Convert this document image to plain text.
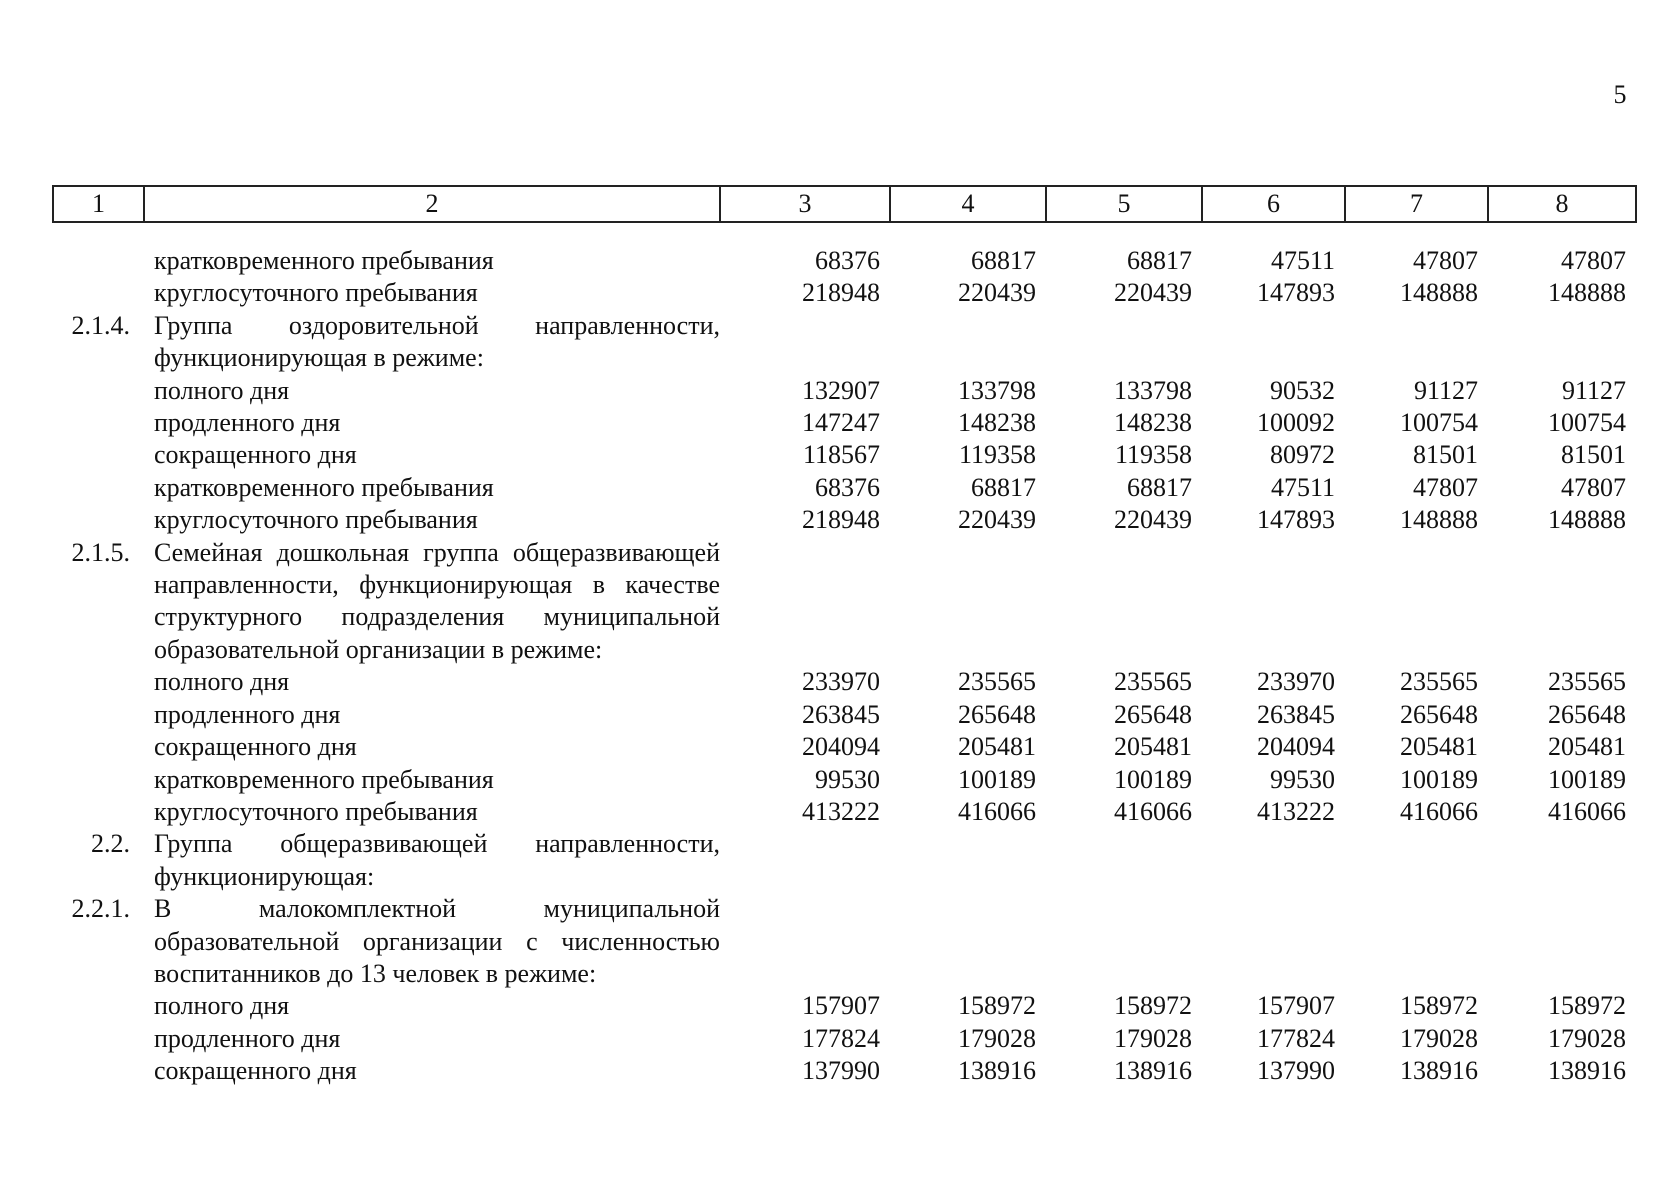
5
1	2	3	4	5	6	7	8

	кратковременного пребывания	68376	68817	68817	47511	47807	47807
	круглосуточного пребывания	218948	220439	220439	147893	148888	148888
2.1.4.	Группа оздоровительной направленности, функционирующая в режиме:						
	полного дня	132907	133798	133798	90532	91127	91127
	продленного дня	147247	148238	148238	100092	100754	100754
	сокращенного дня	118567	119358	119358	80972	81501	81501
	кратковременного пребывания	68376	68817	68817	47511	47807	47807
	круглосуточного пребывания	218948	220439	220439	147893	148888	148888
2.1.5.	Семейная дошкольная группа общеразвивающей направленности, функционирующая в качестве структурного подразделения муниципальной образовательной организации в режиме:						
	полного дня	233970	235565	235565	233970	235565	235565
	продленного дня	263845	265648	265648	263845	265648	265648
	сокращенного дня	204094	205481	205481	204094	205481	205481
	кратковременного пребывания	99530	100189	100189	99530	100189	100189
	круглосуточного пребывания	413222	416066	416066	413222	416066	416066
2.2.	Группа общеразвивающей направленности, функционирующая:						
2.2.1.	В малокомплектной муниципальной образовательной организации с численностью воспитанников до 13 человек в режиме:						
	полного дня	157907	158972	158972	157907	158972	158972
	продленного дня	177824	179028	179028	177824	179028	179028
	сокращенного дня	137990	138916	138916	137990	138916	138916
